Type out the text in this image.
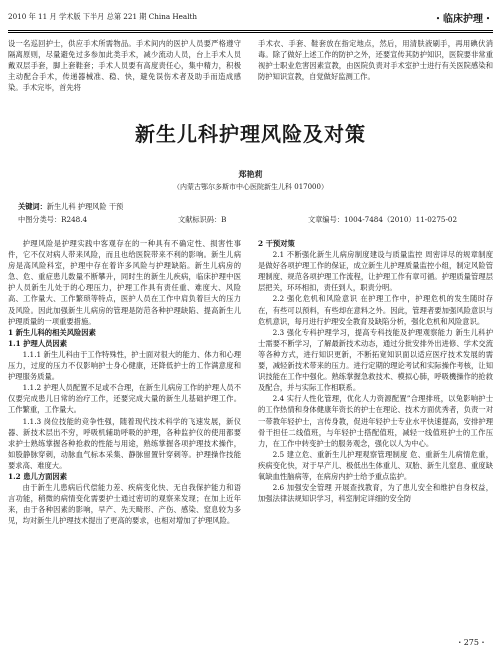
2010 年 11 月 学术版 下半月 总第 221 期 China Health	・临床护理・

设一名巡回护士，供应手术所需物品。手术间内的医护人员要严格遵守隔离原则，尽量避免过多参加此类手术，减少流动人员，台上手术人员戴双层手套，脚上套鞋套；手术人员要有高度责任心，集中精力，积极主动配合手术，传递器械准、稳、快，避免误伤术者及助手而造成感染。手术完毕，首先将

手术衣、手套、鞋套放在指定地点，然后，用清肤液刷手，再用碘伏消毒。除了做好上述工作的防护之外，还要宣传其防护知识，医院要非常重视护士职业危害因素宣教，由医院负责对手术室护士进行有关医院感染和防护知识宣教，自觉做好监测工作。

新生儿科护理风险及对策
郑艳莉
（内蒙古鄂尔多斯市中心医院新生儿科 017000）
关键词：新生儿科 护理风险 干预
中图分类号：R248.4	文献标识码：B	文章编号：1004-7484（2010）11-0275-02

护理风险是护理实践中客观存在的一种具有不确定性、损害性事件，它不仅对病人带来风险，而且也给医院带来不利的影响。新生儿病房是高风险科室，护理中存在着许多风险与护理缺陷。新生儿病房的急、危、重症患儿数量不断攀升，同时生的新生儿疾病，临床护理中医护人员新生儿处于的心理压力，护理工作具有责任重、难度大、风险高、工作量大、工作繁琐等特点，医护人员在工作中肩负着巨大的压力及风险。因此加强新生儿病房的管理是防范各种护理缺陷、提高新生儿护理质量的一项重要措施。

1 新生儿科的相关风险因素

1.1 护理人员因素

1.1.1 新生儿科由于工作特殊性，护士面对很大的能力、体力和心理压力，过度的压力不仅影响护士身心健康，还降低护士的工作满意度和护理服务质量。

1.1.2 护理人员配置不足或不合理，在新生儿病房工作的护理人员不仅要完成患儿日常的治疗工作，还要完成大量的新生儿基础护理工作。工作繁重，工作量大。

1.1.3 岗位技能的竞争性强，随着现代技术科学的飞速发展，新仪器、新技术层出不穷，呼吸机辅助呼吸的护理，各种监护仪的使用都要求护士熟练掌握各种抢救的性能与用途，熟练掌握各项护理技术操作，如股静脉穿刺，动脉血气标本采集、静脉留置针穿刺等。护理操作技能要求高、难度大。

1.2 患儿方面因素

由于新生儿患病后代偿能力差、疾病变化快、无自我保护能力和语言功能，稍微的病情变化需要护士通过密切的观察来发现；在加上近年来，由于各种因素的影响，早产、先天畸形、产伤、感染、窒息较为多见，均对新生儿护理技术提出了更高的要求，也相对增加了护理风险。

2 干预对策

2.1 不断强化新生儿病房制度建设与质量监控 周密详尽的规章制度是做好各项护理工作的保证，成立新生儿护理质量监控小组，制定风险管理制度、规范各项护理工作流程，让护理工作有章可循。护理质量管理层层把关，环环相扣，责任到人，职责分明。

2.2 强化危机和风险意识 在护理工作中，护理危机的发生随时存在，有些可以预料，有些却在意料之外。因此，管理者要加强风险意识与危机意识，每月进行护理安全教育及缺陷分析，强化危机和风险意识。

2.3 强化专科护理学习，提高专科技能及护理观察能力 新生儿科护士需要不断学习，了解最新技术动态，通过分批安排外出进修、学术交流等各种方式，进行知识更新，不断拓宽知识面以适应医疗技术发展的需要，减轻新技术带来的压力。进行定期的理论考试和实际操作考核，让知识技能在工作中强化。熟练掌握急救技术、模拟心肺，呼吸機操作的抢救及配合，并与实际工作相联系。

2.4 实行人性化管理，优化人力资源配置”合理排班，以兔影响护士的工作热情和身体健康年资长的护士在理论、技术方面优秀者，负责一对一带教年轻护士，言传身教，促进年轻护士专业水平快速提高，安排护理骨干担任二线值班，与年轻护士搭配值班，减轻一线值班护士的工作压力，在工作中转变护士的服务观念，强化以人为中心。

2.5 建立危、重新生儿护理观察管理制度 危、重新生儿病情危重，疾病变化快，对于早产儿、极低出生体重儿、双胎、新生儿窒息、重度缺氧缺血性脑病等，在病房内护士给予重点监护。

2.6 加强安全管理 开展查找教育，为了患儿安全和维护自身权益，加强法律法规知识学习，科室制定详细的安全防

・275・
